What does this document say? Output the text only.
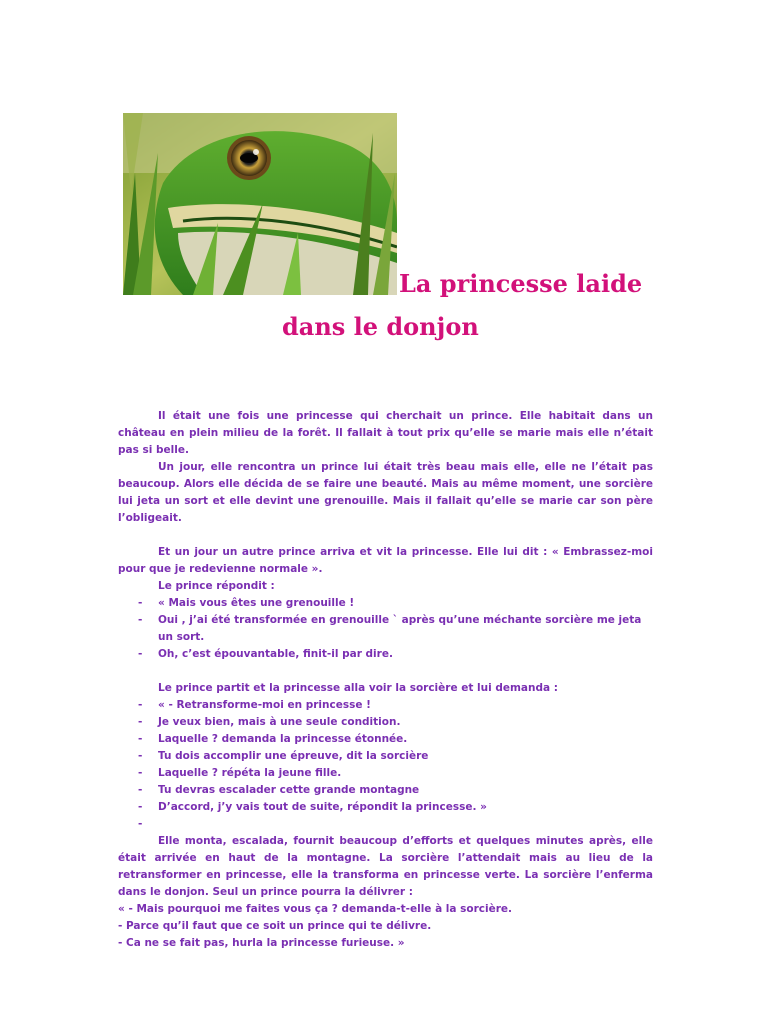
La princesse laide
dans le donjon

Il était une fois une princesse qui cherchait un prince. Elle habitait dans un château en plein milieu de la forêt. Il fallait à tout prix qu’elle se marie mais elle n’était pas si belle.

Un jour, elle rencontra un prince lui était très beau mais elle, elle ne l’était pas beaucoup. Alors elle décida de se faire une beauté. Mais au même moment, une sorcière lui jeta un sort et elle devint une grenouille. Mais il fallait qu’elle se marie car son père l’obligeait.

Et un jour un autre prince arriva et vit la princesse. Elle lui dit : « Embrassez-moi pour que je redevienne normale ».

Le prince répondit :

- « Mais vous êtes une grenouille !
- Oui , j’ai été transformée en grenouille ` après qu’une méchante sorcière me jeta un sort.
- Oh, c’est épouvantable, finit-il par dire.

Le prince partit et la princesse alla voir la sorcière et lui demanda :

- « - Retransforme-moi en princesse !
- Je veux bien, mais à une seule condition.
- Laquelle ? demanda la princesse étonnée.
- Tu dois accomplir une épreuve, dit la sorcière
- Laquelle ? répéta la jeune fille.
- Tu devras escalader cette grande montagne
- D’accord, j’y vais tout de suite, répondit la princesse. »
-

Elle monta, escalada, fournit beaucoup d’efforts et quelques minutes après, elle était arrivée en haut de la montagne. La sorcière l’attendait mais au lieu de la retransformer en princesse, elle la transforma en princesse verte. La sorcière l’enferma dans le donjon. Seul un prince pourra la délivrer :

« - Mais pourquoi me faites vous ça ? demanda-t-elle à la sorcière.

- Parce qu’il faut que ce soit un prince qui te délivre.

- Ca ne se fait pas, hurla la princesse furieuse. »
